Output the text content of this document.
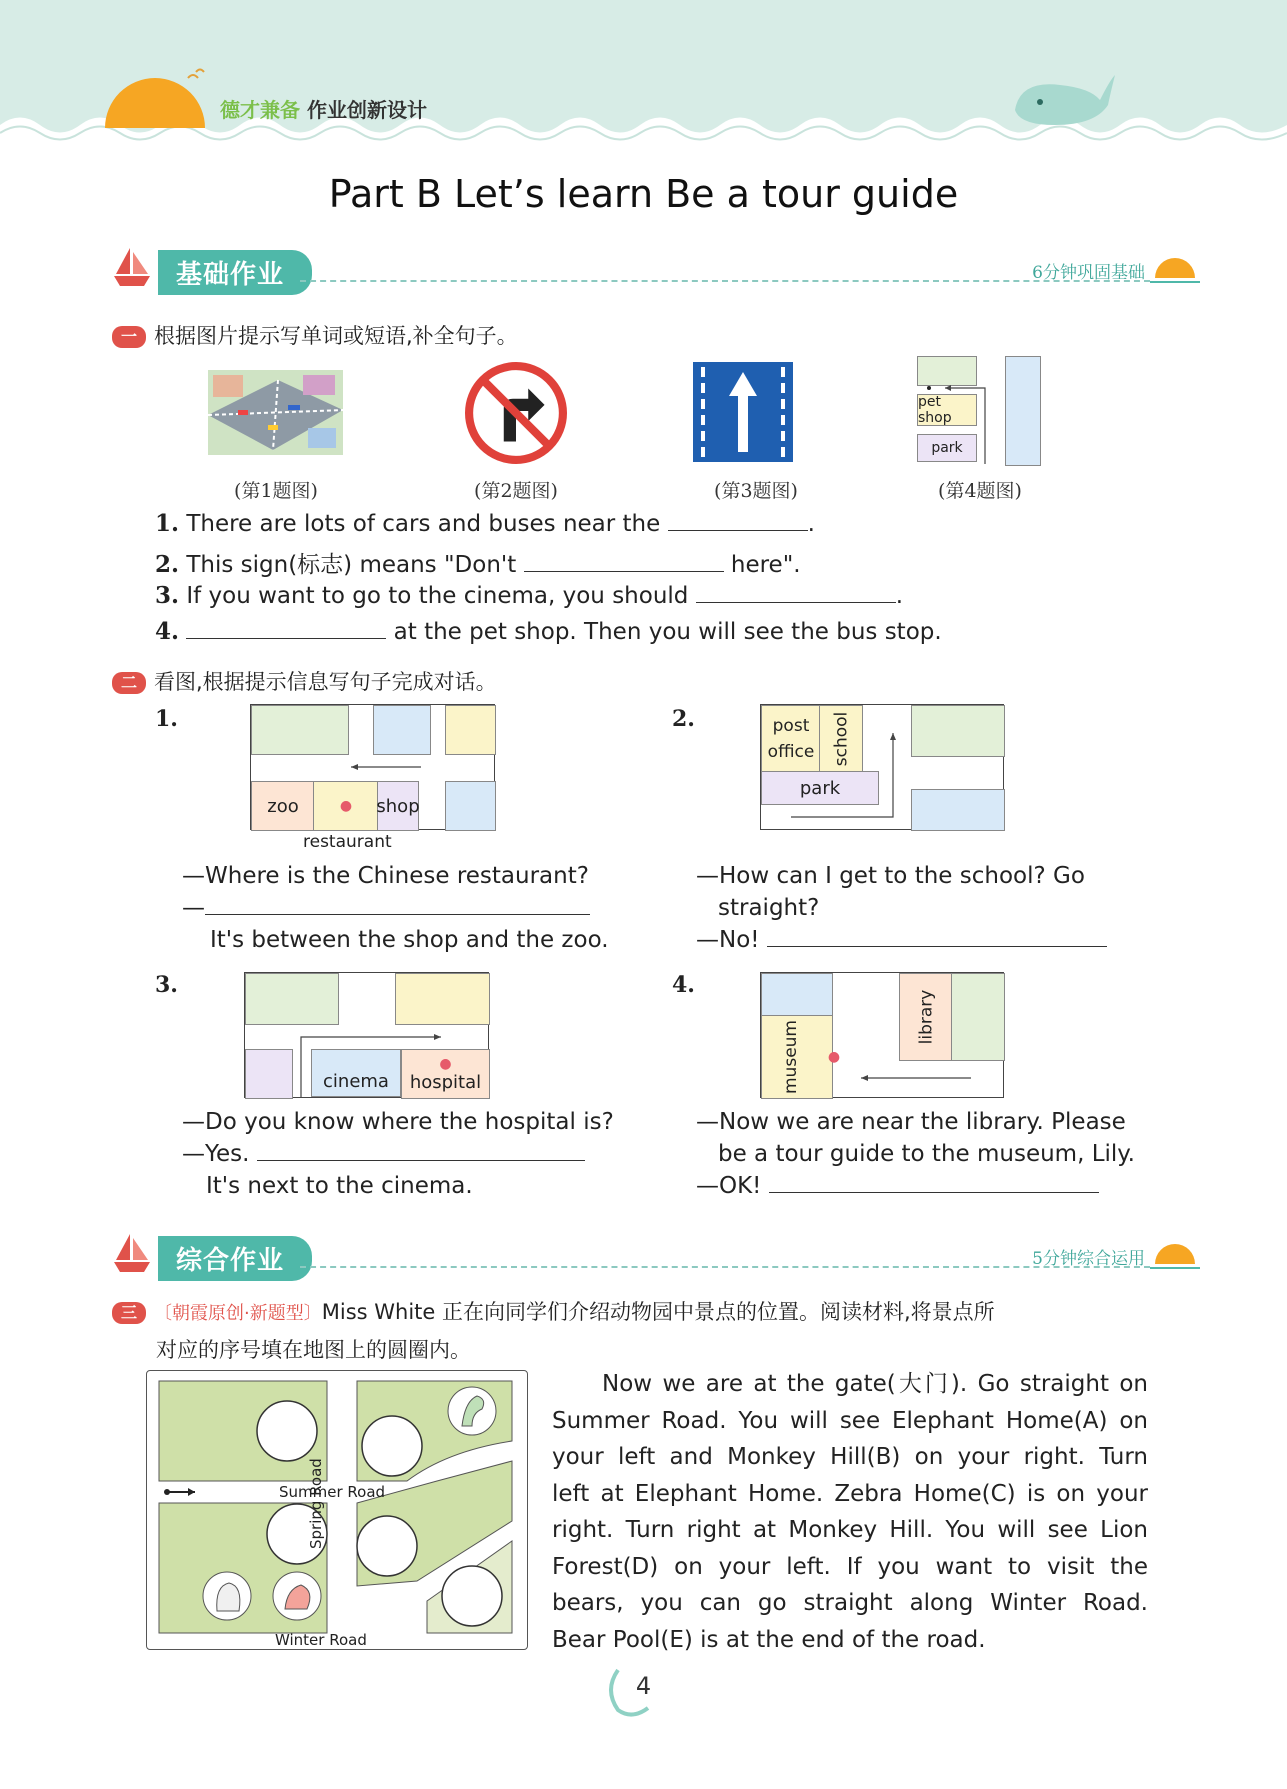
德才兼备 作业创新设计
Part B Let’s learn Be a tour guide
基础作业	6分钟巩固基础
一 根据图片提示写单词或短语,补全句子。
pet shop
park
(第1题图)	(第2题图)	(第3题图)	(第4题图)
1. There are lots of cars and buses near the	.
2. This sign(标志) means "Don't	here".
3. If you want to go to the cinema, you should	.
4.	at the pet shop. Then you will see the bus stop.
二 看图,根据提示信息写句子完成对话。
1.
zoo	● shop
restaurant
—Where is the Chinese restaurant?
—
It's between the shop and the zoo.
2.	post
office school
park
—How can I get to the school? Go
straight?
—No!
3.
cinema
●
hospital
—Do you know where the hospital is?
—Yes.
It's next to the cinema.
4.
museum ●
library
—Now we are near the library. Please
be a tour guide to the museum, Lily.
—OK!
综合作业	5分钟综合运用
三 〔朝霞原创·新题型〕Miss White 正在向同学们介绍动物园中景点的位置。阅读材料,将景点所
对应的序号填在地图上的圆圈内。
Summer Road
Spring Road
Winter Road
Now we are at the gate(大门). Go straight on
Summer Road. You will see Elephant Home(A) on
your left and Monkey Hill(B) on your right. Turn
left at Elephant Home. Zebra Home(C) is on your
right. Turn right at Monkey Hill. You will see Lion
Forest(D) on your left. If you want to visit the
bears, you can go straight along Winter Road.
Bear Pool(E) is at the end of the road.
4
